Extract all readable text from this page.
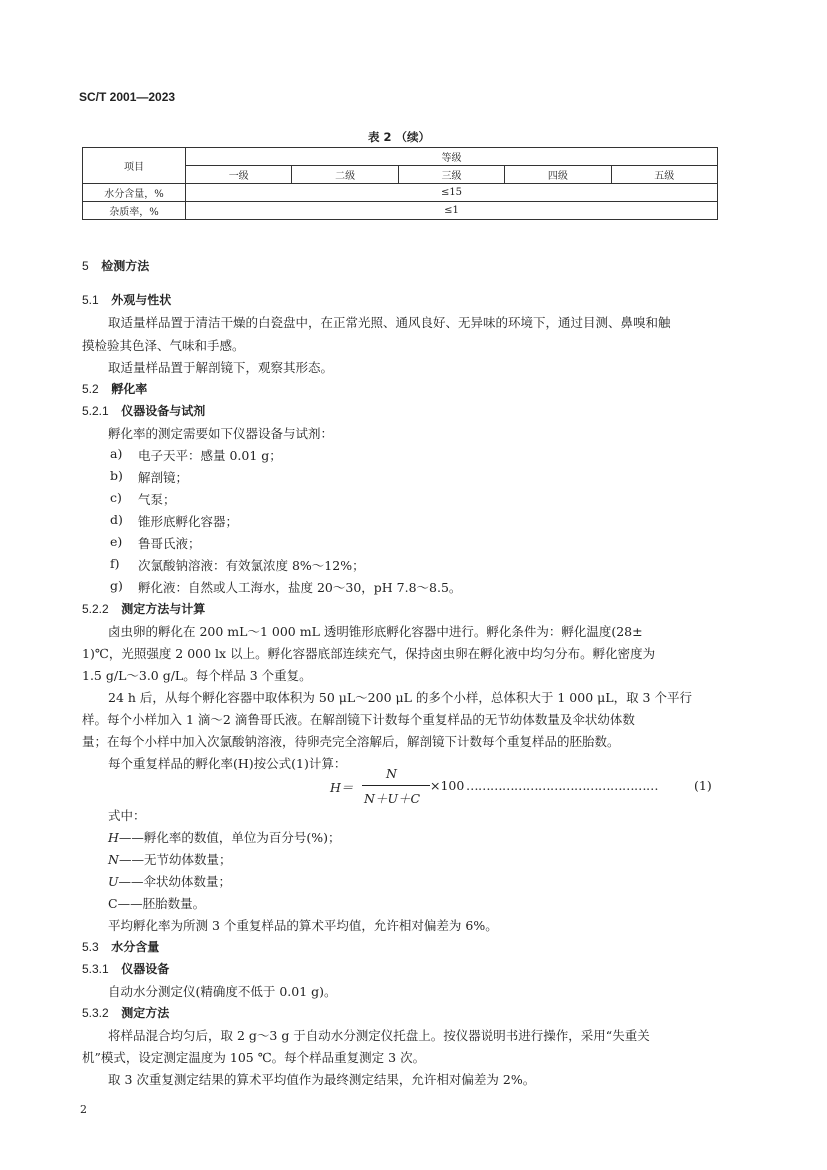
SC/T 2001—2023
表 2 （续）
项目	等级				
	一级	二级	三级	四级	五级
水分含量，%	≤15				
杂质率，%	≤1				
5 检测方法
5.1 外观与性状
取适量样品置于清洁干燥的白瓷盘中，在正常光照、通风良好、无异味的环境下，通过目测、鼻嗅和触
摸检验其色泽、气味和手感。
取适量样品置于解剖镜下，观察其形态。
5.2 孵化率
5.2.1 仪器设备与试剂
孵化率的测定需要如下仪器设备与试剂：
a) 电子天平：感量 0.01 g；
b) 解剖镜；
c) 气泵；
d) 锥形底孵化容器；
e) 鲁哥氏液；
f) 次氯酸钠溶液：有效氯浓度 8%～12%；
g) 孵化液：自然或人工海水，盐度 20～30，pH 7.8～8.5。
5.2.2 测定方法与计算
卤虫卵的孵化在 200 mL～1 000 mL 透明锥形底孵化容器中进行。孵化条件为：孵化温度(28±
1)℃，光照强度 2 000 lx 以上。孵化容器底部连续充气，保持卤虫卵在孵化液中均匀分布。孵化密度为
1.5 g/L～3.0 g/L。每个样品 3 个重复。
24 h 后，从每个孵化容器中取体积为 50 μL～200 μL 的多个小样，总体积大于 1 000 μL，取 3 个平行
样。每个小样加入 1 滴～2 滴鲁哥氏液。在解剖镜下计数每个重复样品的无节幼体数量及伞状幼体数
量；在每个小样中加入次氯酸钠溶液，待卵壳完全溶解后，解剖镜下计数每个重复样品的胚胎数。
每个重复样品的孵化率(H)按公式(1)计算：
H＝
N
N＋U＋C
×100 …………………………………………	(1)
式中：
H——孵化率的数值，单位为百分号(%)；
N——无节幼体数量；
U——伞状幼体数量；
C——胚胎数量。
平均孵化率为所测 3 个重复样品的算术平均值，允许相对偏差为 6%。
5.3 水分含量
5.3.1 仪器设备
自动水分测定仪(精确度不低于 0.01 g)。
5.3.2 测定方法
将样品混合均匀后，取 2 g～3 g 于自动水分测定仪托盘上。按仪器说明书进行操作，采用“失重关
机”模式，设定测定温度为 105 ℃。每个样品重复测定 3 次。
取 3 次重复测定结果的算术平均值作为最终测定结果，允许相对偏差为 2%。
2
